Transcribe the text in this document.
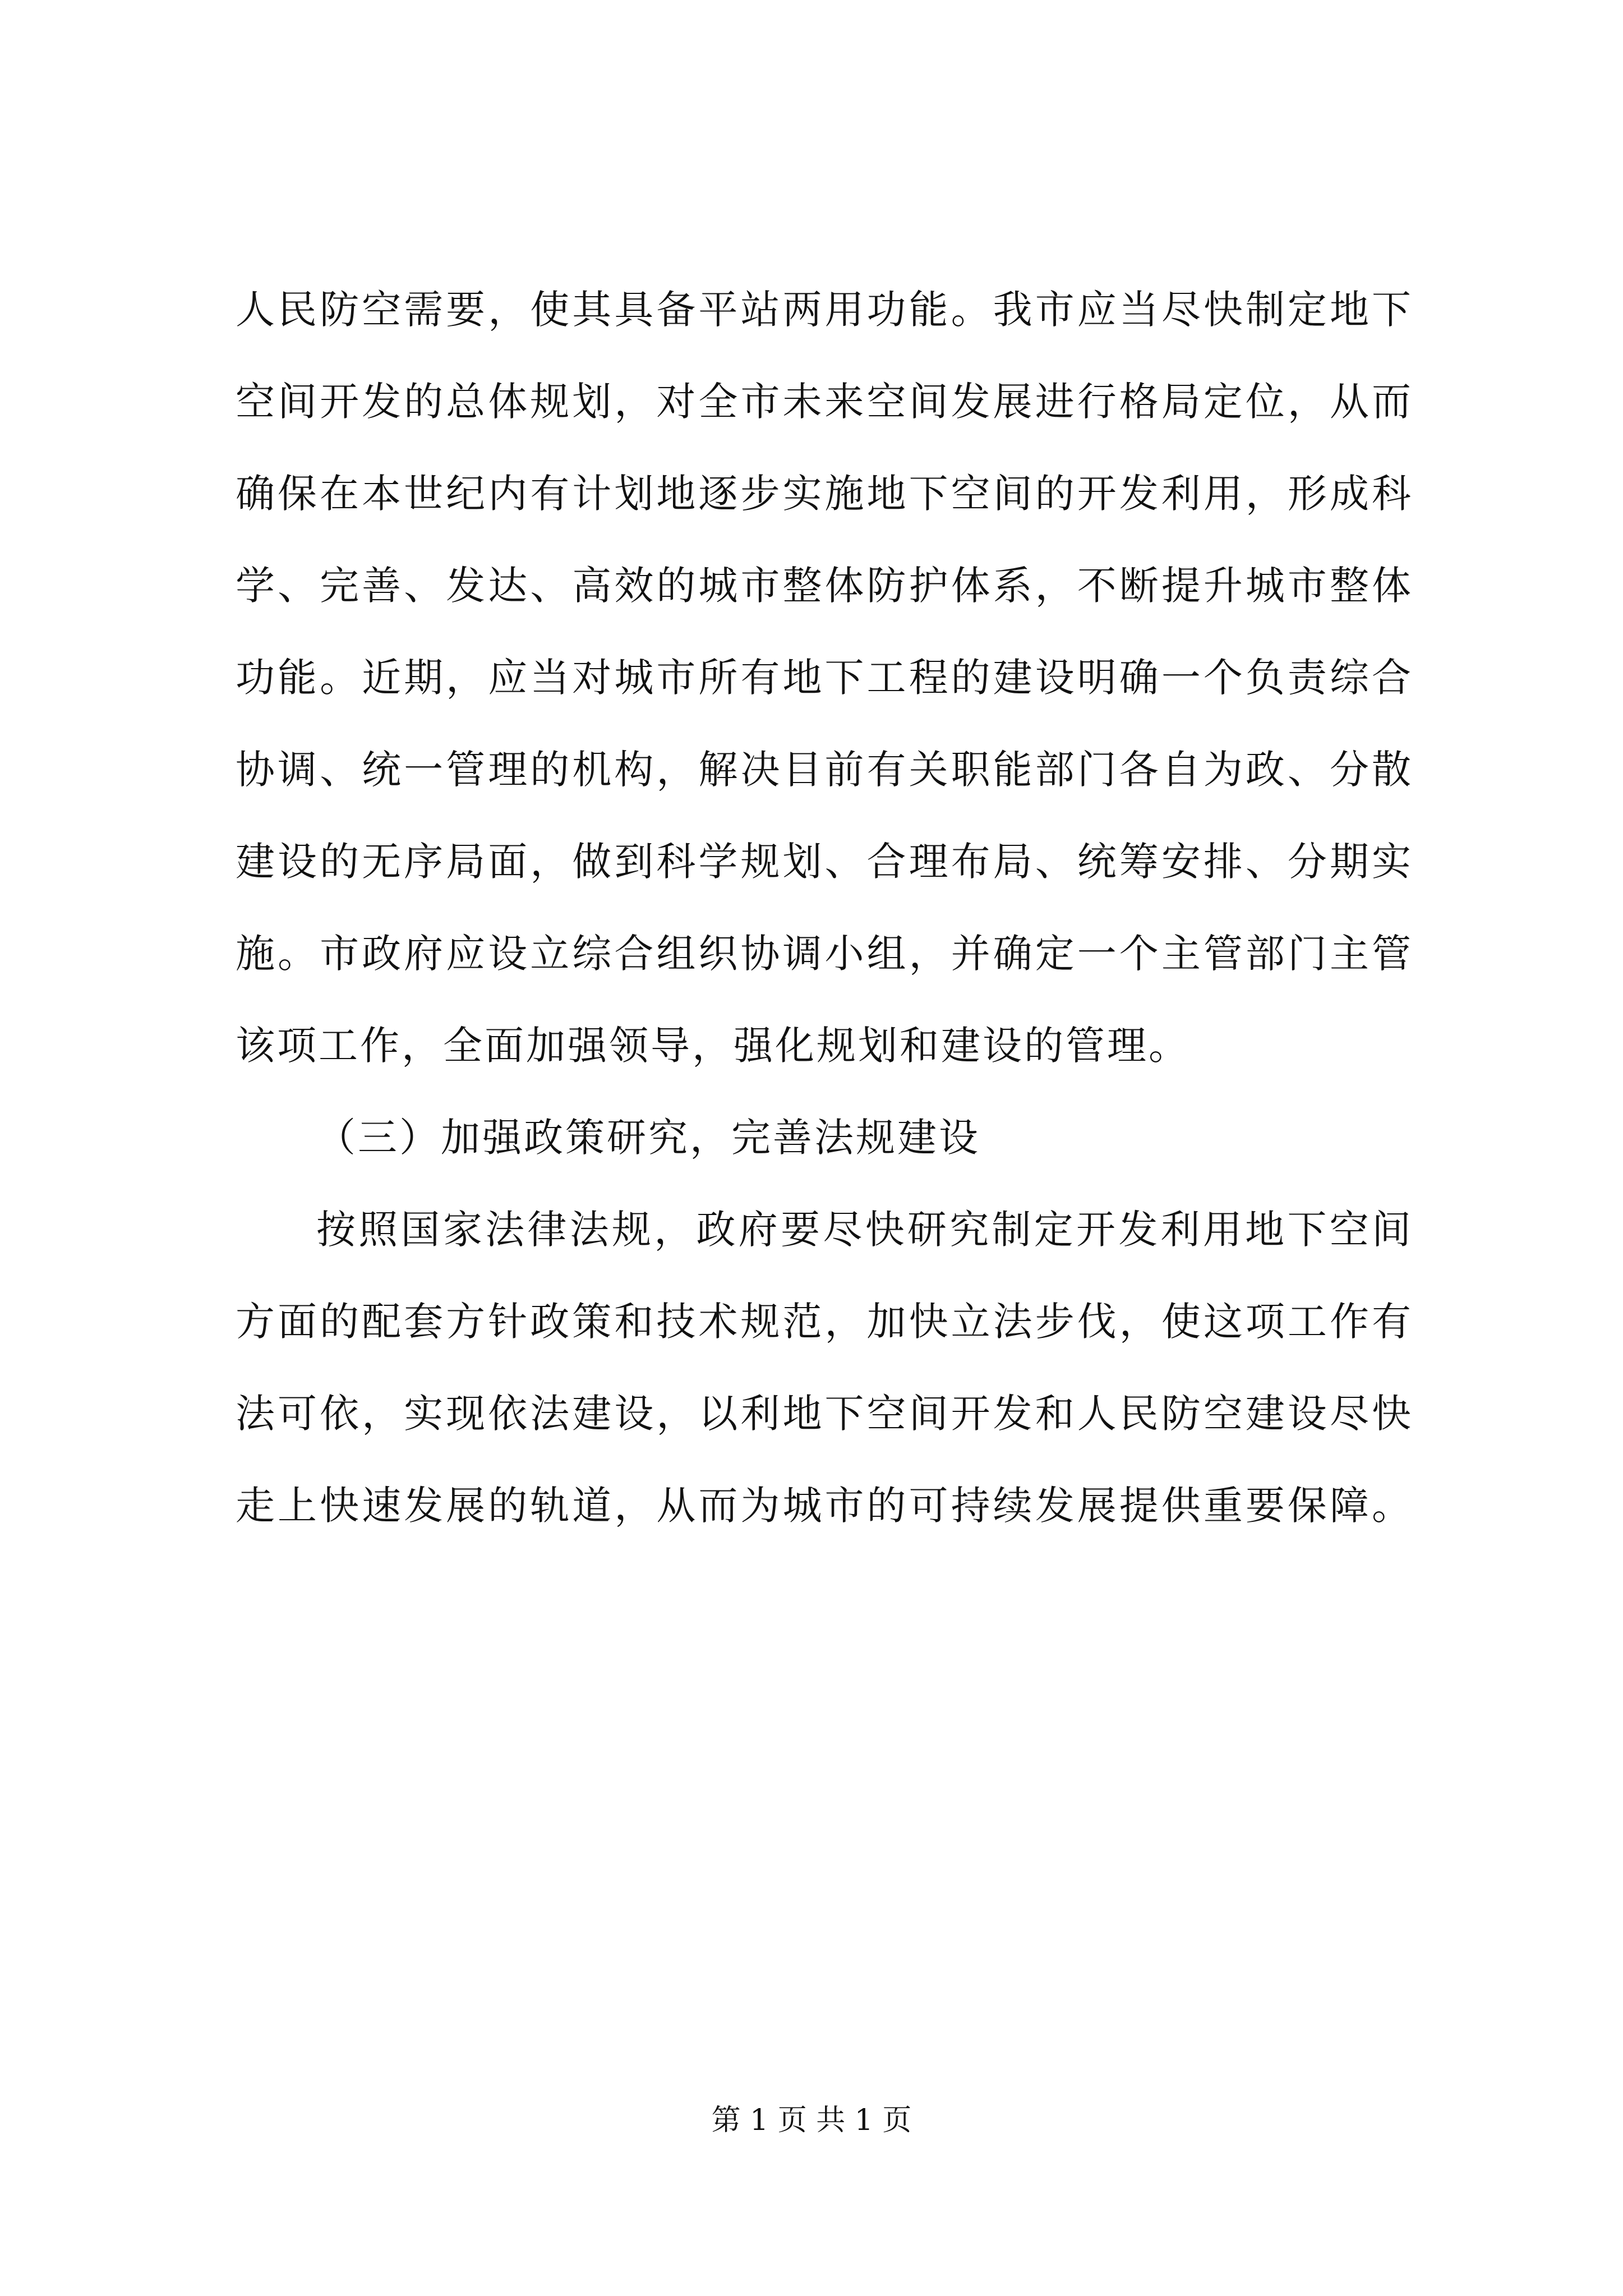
人民防空需要，使其具备平站两用功能。我市应当尽快制定地下
空间开发的总体规划，对全市未来空间发展进行格局定位，从而
确保在本世纪内有计划地逐步实施地下空间的开发利用，形成科
学、完善、发达、高效的城市整体防护体系，不断提升城市整体
功能。近期，应当对城市所有地下工程的建设明确一个负责综合
协调、统一管理的机构，解决目前有关职能部门各自为政、分散
建设的无序局面，做到科学规划、合理布局、统筹安排、分期实
施。市政府应设立综合组织协调小组，并确定一个主管部门主管
该项工作，全面加强领导，强化规划和建设的管理。
（三）加强政策研究，完善法规建设
按照国家法律法规，政府要尽快研究制定开发利用地下空间
方面的配套方针政策和技术规范，加快立法步伐，使这项工作有
法可依，实现依法建设，以利地下空间开发和人民防空建设尽快
走上快速发展的轨道，从而为城市的可持续发展提供重要保障。
第 1 页 共 1 页
